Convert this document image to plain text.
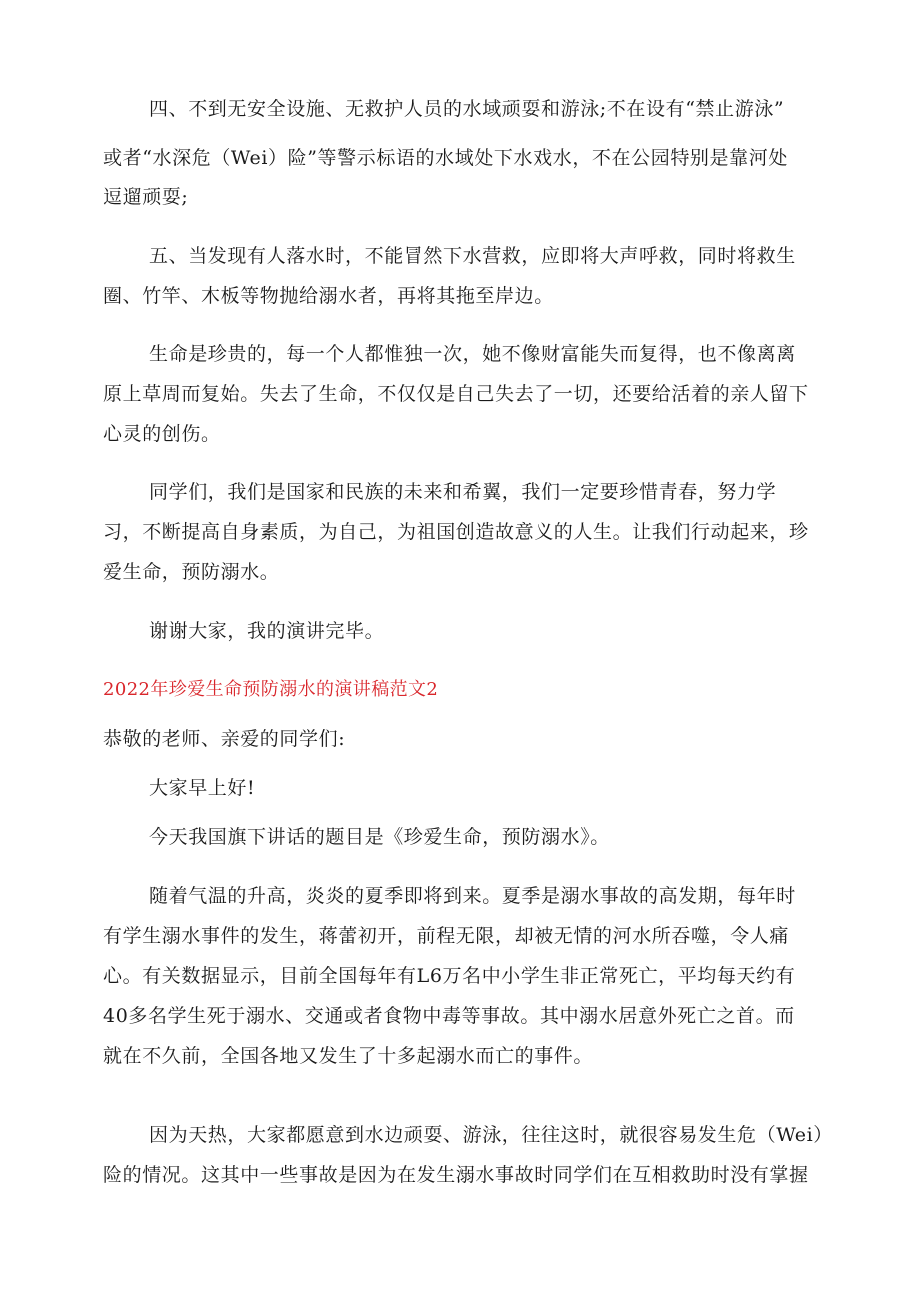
四、不到无安全设施、无救护人员的水域顽耍和游泳;不在设有“禁止游泳”
或者“水深危（Wei）险”等警示标语的水域处下水戏水，不在公园特别是靠河处
逗遛顽耍;
五、当发现有人落水时，不能冒然下水营救，应即将大声呼救，同时将救生
圈、竹竿、木板等物抛给溺水者，再将其拖至岸边。
生命是珍贵的，每一个人都惟独一次，她不像财富能失而复得，也不像离离
原上草周而复始。失去了生命，不仅仅是自己失去了一切，还要给活着的亲人留下
心灵的创伤。
同学们，我们是国家和民族的未来和希翼，我们一定要珍惜青春，努力学
习，不断提高自身素质，为自己，为祖国创造故意义的人生。让我们行动起来，珍
爱生命，预防溺水。
谢谢大家，我的演讲完毕。
2022年珍爱生命预防溺水的演讲稿范文2
恭敬的老师、亲爱的同学们:
大家早上好!
今天我国旗下讲话的题目是《珍爱生命，预防溺水》。
随着气温的升高，炎炎的夏季即将到来。夏季是溺水事故的高发期，每年时
有学生溺水事件的发生，蒋蕾初开，前程无限，却被无情的河水所吞噬，令人痛
心。有关数据显示，目前全国每年有L6万名中小学生非正常死亡，平均每天约有
40多名学生死于溺水、交通或者食物中毒等事故。其中溺水居意外死亡之首。而
就在不久前，全国各地又发生了十多起溺水而亡的事件。
因为天热，大家都愿意到水边顽耍、游泳，往往这时，就很容易发生危（Wei）
险的情况。这其中一些事故是因为在发生溺水事故时同学们在互相救助时没有掌握
